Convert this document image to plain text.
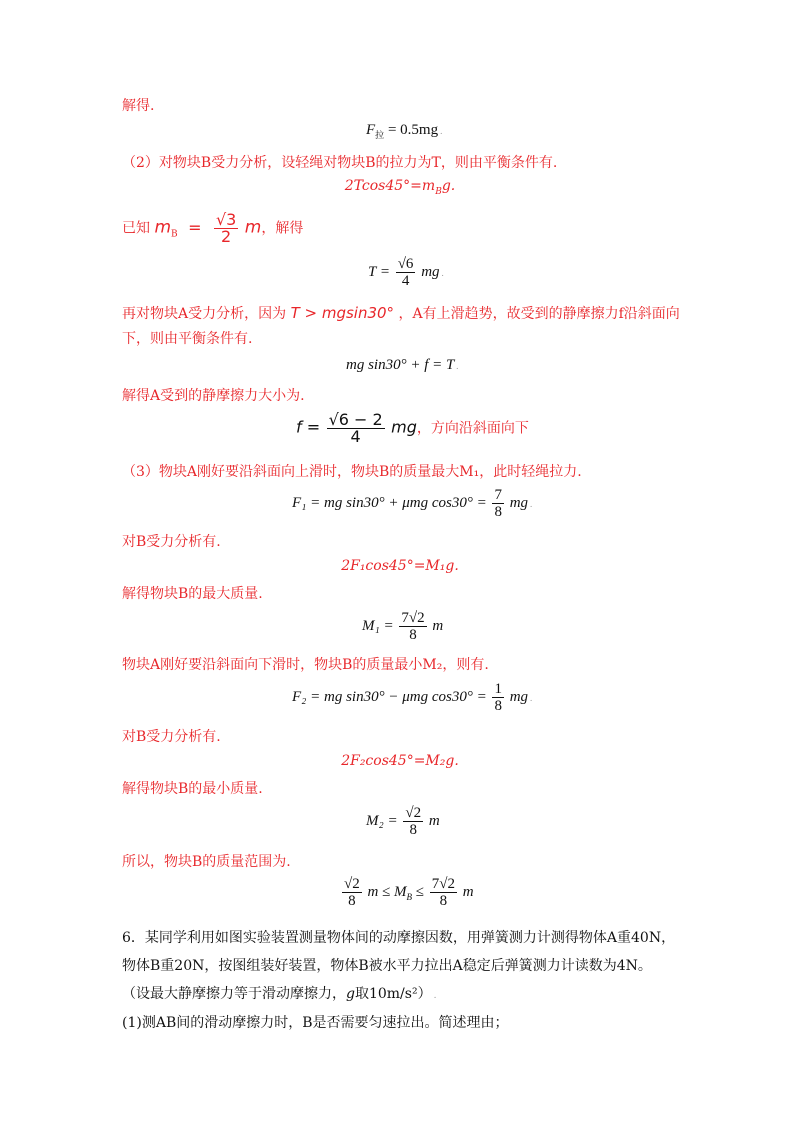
解得.
$F_拉 = 0.5mg$ .
（2）对物块B受力分析，设轻绳对物块B的拉力为T，则由平衡条件有.
$2Tcos45^\circ=m_Bg$.
已知 $m_B = \frac{√3}{2}$ m，解得
$T = \frac{√6}{4}$ mg .
再对物块A受力分析，因为 T > mgsin30° ，A有上滑趋势，故受到的静摩擦力f沿斜面向
下，则由平衡条件有.
mg sin30° + f = T .
解得A受到的静摩擦力大小为.
$f = \frac{√6 - 2}{4}$ mg，方向沿斜面向下
（3）物块A刚好要沿斜面向上滑时，物块B的质量最大M₁，此时轻绳拉力.
F₁ = mg sin30° + μmg $\cos 30^\circ = \frac{7}{8}$ mg .
对B受力分析有.
2F₁cos45°=M₁g.
解得物块B的最大质量.
$M_1 = \frac{7√2}{8}$ m
物块A刚好要沿斜面向下滑时，物块B的质量最小M₂，则有.
F₂ = mg sin30° − μmg $\cos 30^\circ = \frac{1}{8}$ mg .
对B受力分析有.
2F₂cos45°=M₂g.
解得物块B的最小质量.
$M_2 = \frac{√2}{8}$ m
所以，物块B的质量范围为.
$\frac{√2}{8}$ $m \le M_B \le \frac{7√2}{8}$ m
6．某同学利用如图实验装置测量物体间的动摩擦因数，用弹簧测力计测得物体A重40N，
物体B重20N，按图组装好装置，物体B被水平力拉出A稳定后弹簧测力计读数为4N。
（设最大静摩擦力等于滑动摩擦力，g取10m/s²） .
(1)测AB间的滑动摩擦力时，B是否需要匀速拉出。简述理由；
